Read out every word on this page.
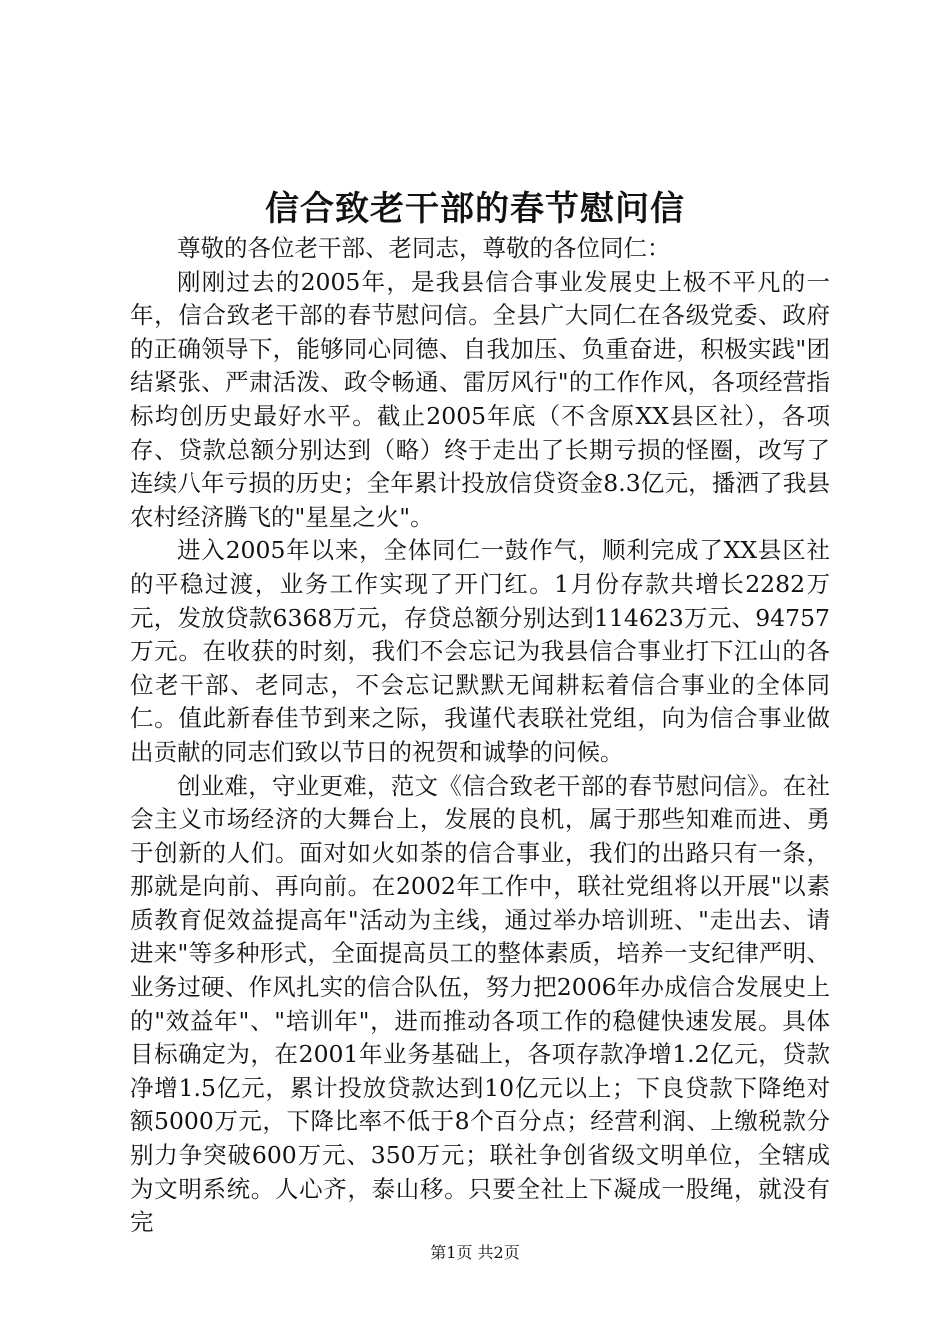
信合致老干部的春节慰问信

尊敬的各位老干部、老同志，尊敬的各位同仁：

刚刚过去的2005年，是我县信合事业发展史上极不平凡的一年，信合致老干部的春节慰问信。全县广大同仁在各级党委、政府的正确领导下，能够同心同德、自我加压、负重奋进，积极实践"团结紧张、严肃活泼、政令畅通、雷厉风行"的工作作风，各项经营指标均创历史最好水平。截止2005年底（不含原XX县区社），各项存、贷款总额分别达到（略）终于走出了长期亏损的怪圈，改写了连续八年亏损的历史；全年累计投放信贷资金8.3亿元，播洒了我县农村经济腾飞的"星星之火"。

进入2005年以来，全体同仁一鼓作气，顺利完成了XX县区社的平稳过渡，业务工作实现了开门红。1月份存款共增长2282万元，发放贷款6368万元，存贷总额分别达到114623万元、94757万元。在收获的时刻，我们不会忘记为我县信合事业打下江山的各位老干部、老同志，不会忘记默默无闻耕耘着信合事业的全体同仁。值此新春佳节到来之际，我谨代表联社党组，向为信合事业做出贡献的同志们致以节日的祝贺和诚挚的问候。

创业难，守业更难，范文《信合致老干部的春节慰问信》。在社会主义市场经济的大舞台上，发展的良机，属于那些知难而进、勇于创新的人们。面对如火如荼的信合事业，我们的出路只有一条，那就是向前、再向前。在2002年工作中，联社党组将以开展"以素质教育促效益提高年"活动为主线，通过举办培训班、"走出去、请进来"等多种形式，全面提高员工的整体素质，培养一支纪律严明、业务过硬、作风扎实的信合队伍，努力把2006年办成信合发展史上的"效益年"、"培训年"，进而推动各项工作的稳健快速发展。具体目标确定为，在2001年业务基础上，各项存款净增1.2亿元，贷款净增1.5亿元，累计投放贷款达到10亿元以上；下良贷款下降绝对额5000万元，下降比率不低于8个百分点；经营利润、上缴税款分别力争突破600万元、350万元；联社争创省级文明单位，全辖成为文明系统。人心齐，泰山移。只要全社上下凝成一股绳，就没有完

第1页 共2页
